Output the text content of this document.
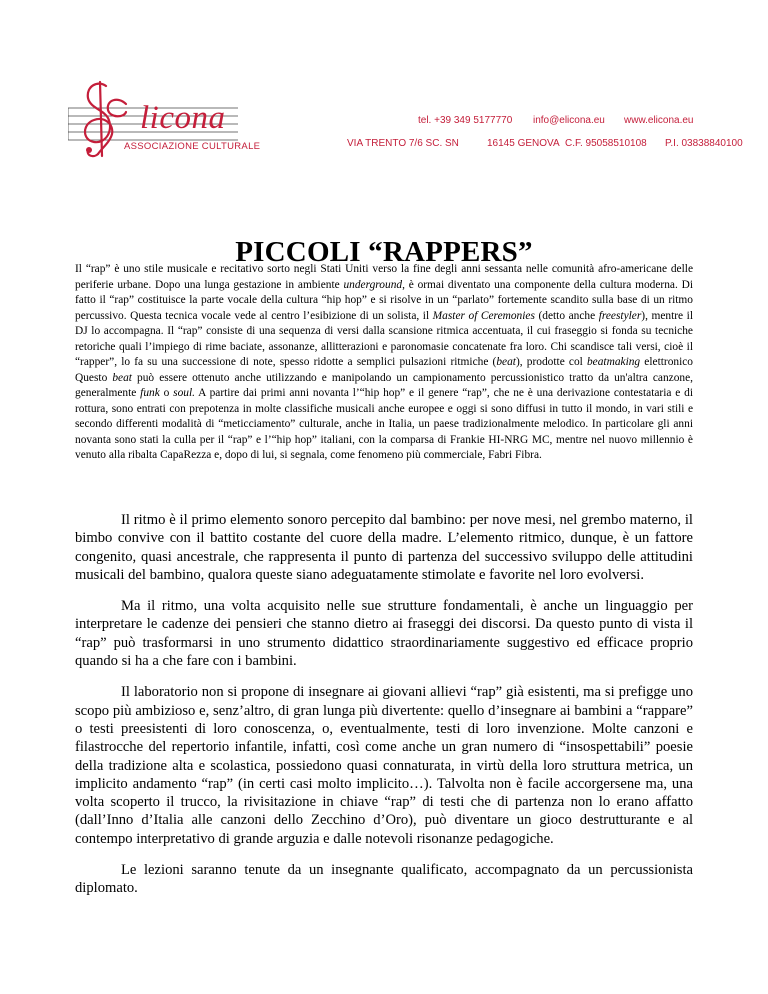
licona
ASSOCIAZIONE CULTURALE
tel. +39 349 5177770 info@elicona.eu www.elicona.eu
VIA TRENTO 7/6 SC. SN	16145 GENOVA C.F. 95058510108 P.I. 03838840100
PICCOLI “RAPPERS”

Il “rap” è uno stile musicale e recitativo sorto negli Stati Uniti verso la fine degli anni sessanta nelle comunità afro-americane delle periferie urbane. Dopo una lunga gestazione in ambiente underground, è ormai diventato una componente della cultura moderna. Di fatto il “rap” costituisce la parte vocale della cultura “hip hop” e si risolve in un “parlato” fortemente scandito sulla base di un ritmo percussivo. Questa tecnica vocale vede al centro l’esibizione di un solista, il Master of Ceremonies (detto anche freestyler), mentre il DJ lo accompagna. Il “rap” consiste di una sequenza di versi dalla scansione ritmica accentuata, il cui fraseggio si fonda su tecniche retoriche quali l’impiego di rime baciate, assonanze, allitterazioni e paronomasie concatenate fra loro. Chi scandisce tali versi, cioè il “rapper”, lo fa su una successione di note, spesso ridotte a semplici pulsazioni ritmiche (beat), prodotte col beatmaking elettronico Questo beat può essere ottenuto anche utilizzando e manipolando un campionamento percussionistico tratto da un'altra canzone, generalmente funk o soul. A partire dai primi anni novanta l’“hip hop” e il genere “rap”, che ne è una derivazione contestataria e di rottura, sono entrati con prepotenza in molte classifiche musicali anche europee e oggi si sono diffusi in tutto il mondo, in vari stili e secondo differenti modalità di “meticciamento” culturale, anche in Italia, un paese tradizionalmente melodico. In particolare gli anni novanta sono stati la culla per il “rap” e l’“hip hop” italiani, con la comparsa di Frankie HI-NRG MC, mentre nel nuovo millennio è venuto alla ribalta CapaRezza e, dopo di lui, si segnala, come fenomeno più commerciale, Fabri Fibra.

Il ritmo è il primo elemento sonoro percepito dal bambino: per nove mesi, nel grembo materno, il bimbo convive con il battito costante del cuore della madre. L’elemento ritmico, dunque, è un fattore congenito, quasi ancestrale, che rappresenta il punto di partenza del successivo sviluppo delle attitudini musicali del bambino, qualora queste siano adeguatamente stimolate e favorite nel loro evolversi.

Ma il ritmo, una volta acquisito nelle sue strutture fondamentali, è anche un linguaggio per interpretare le cadenze dei pensieri che stanno dietro ai fraseggi dei discorsi. Da questo punto di vista il “rap” può trasformarsi in uno strumento didattico straordinariamente suggestivo ed efficace proprio quando si ha a che fare con i bambini.

Il laboratorio non si propone di insegnare ai giovani allievi “rap” già esistenti, ma si prefigge uno scopo più ambizioso e, senz’altro, di gran lunga più divertente: quello d’insegnare ai bambini a “rappare” o testi preesistenti di loro conoscenza, o, eventualmente, testi di loro invenzione. Molte canzoni e filastrocche del repertorio infantile, infatti, così come anche un gran numero di “insospettabili” poesie della tradizione alta e scolastica, possiedono quasi connaturata, in virtù della loro struttura metrica, un implicito andamento “rap” (in certi casi molto implicito…). Talvolta non è facile accorgersene ma, una volta scoperto il trucco, la rivisitazione in chiave “rap” di testi che di partenza non lo erano affatto (dall’Inno d’Italia alle canzoni dello Zecchino d’Oro), può diventare un gioco destrutturante e al contempo interpretativo di grande arguzia e dalle notevoli risonanze pedagogiche.

Le lezioni saranno tenute da un insegnante qualificato, accompagnato da un percussionista diplomato.
